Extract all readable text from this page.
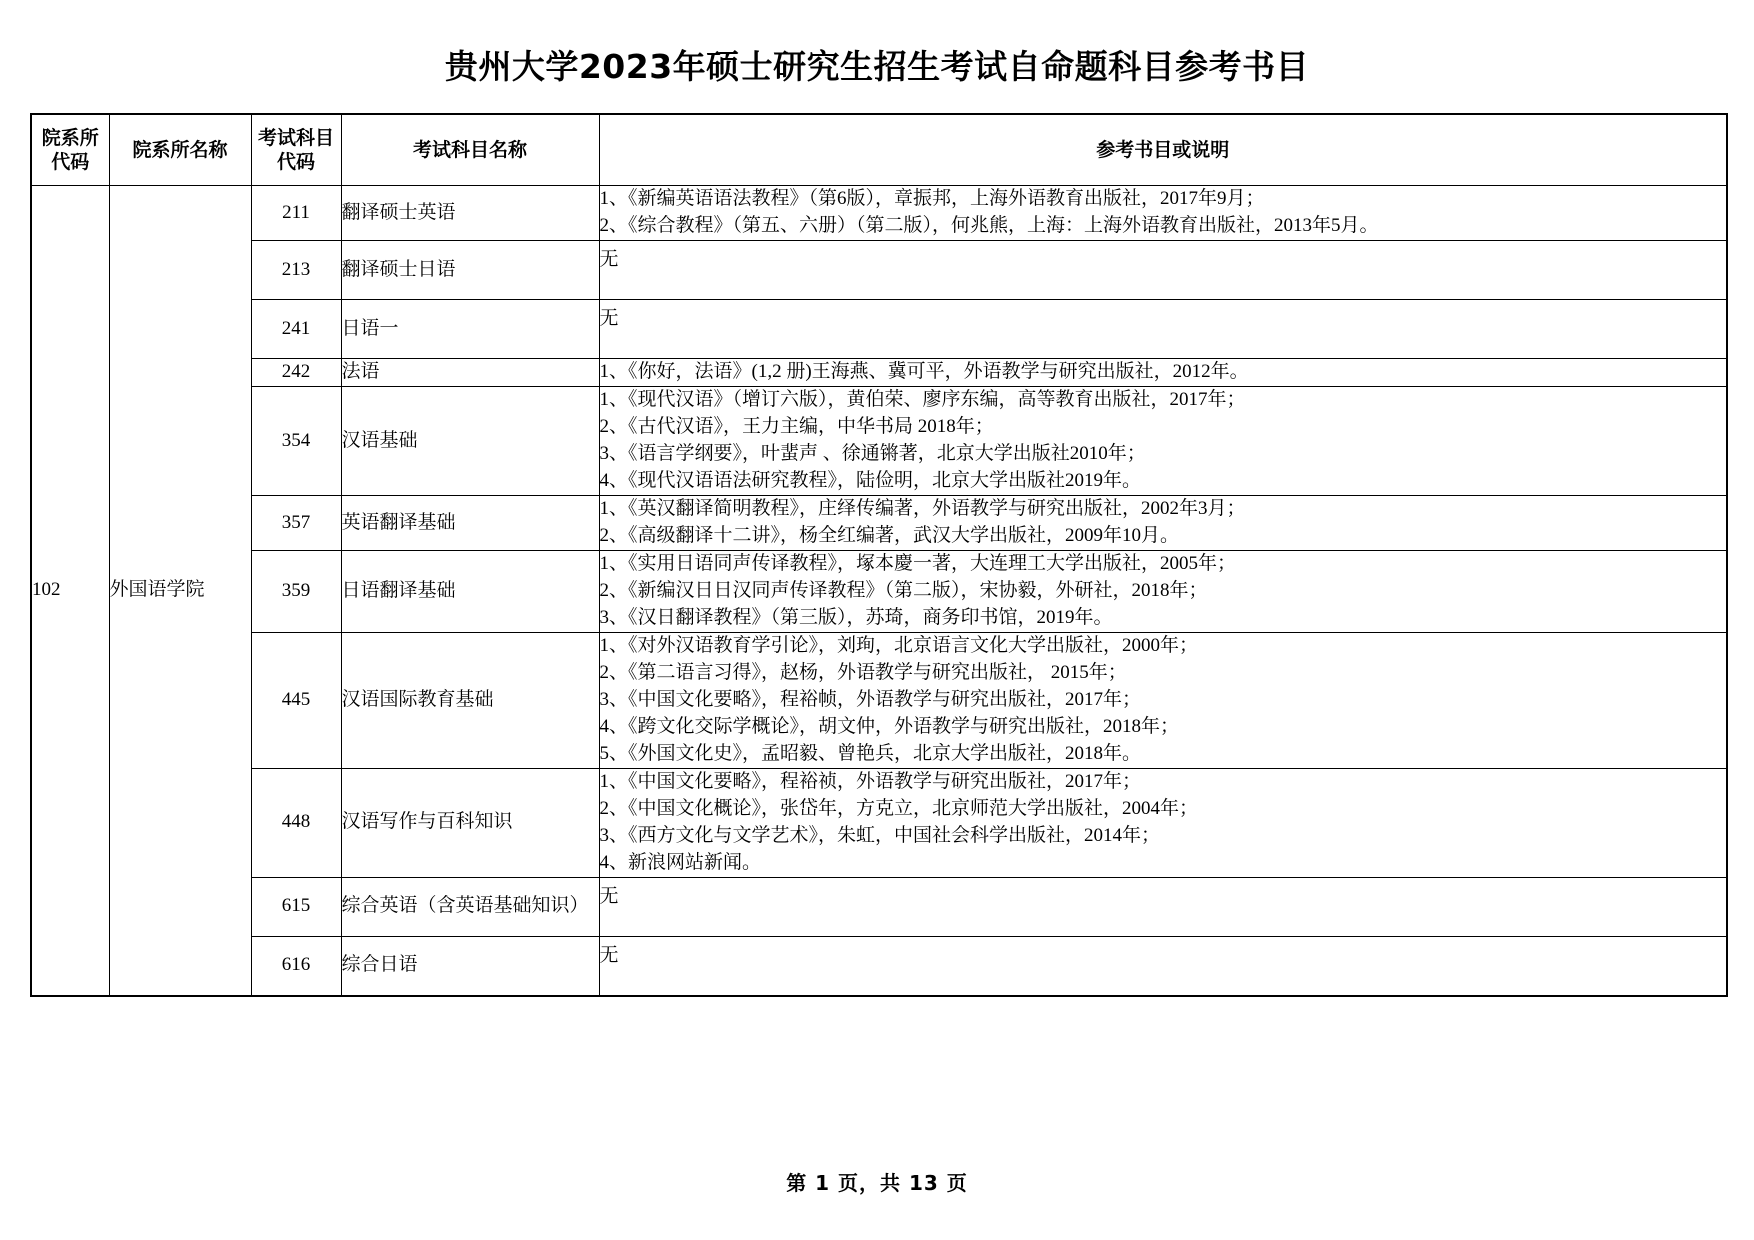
贵州大学2023年硕士研究生招生考试自命题科目参考书目
院系所代码	院系所名称	考试科目代码	考试科目名称	参考书目或说明
102	外国语学院	211	翻译硕士英语	1、《新编英语语法教程》（第6版），章振邦，上海外语教育出版社，2017年9月；
2、《综合教程》（第五、六册）（第二版），何兆熊，上海：上海外语教育出版社，2013年5月。

		213	翻译硕士日语	无

		241	日语一	无

		242	法语	1、《你好，法语》(1,2 册)王海燕、冀可平，外语教学与研究出版社，2012年。

		354	汉语基础	1、《现代汉语》（增订六版），黄伯荣、廖序东编，高等教育出版社，2017年；
2、《古代汉语》，王力主编，中华书局 2018年；
3、《语言学纲要》，叶蜚声 、徐通锵著，北京大学出版社2010年；
4、《现代汉语语法研究教程》，陆俭明，北京大学出版社2019年。

		357	英语翻译基础	1、《英汉翻译简明教程》，庄绎传编著，外语教学与研究出版社，2002年3月；
2、《高级翻译十二讲》，杨全红编著，武汉大学出版社，2009年10月。

		359	日语翻译基础	1、《实用日语同声传译教程》，塚本慶一著，大连理工大学出版社，2005年；
2、《新编汉日日汉同声传译教程》（第二版），宋协毅，外研社，2018年；
3、《汉日翻译教程》（第三版），苏琦，商务印书馆，2019年。

		445	汉语国际教育基础	1、《对外汉语教育学引论》，刘珣，北京语言文化大学出版社，2000年；
2、《第二语言习得》，赵杨，外语教学与研究出版社， 2015年；
3、《中国文化要略》，程裕帧，外语教学与研究出版社，2017年；
4、《跨文化交际学概论》，胡文仲，外语教学与研究出版社，2018年；
5、《外国文化史》，孟昭毅、曾艳兵，北京大学出版社，2018年。

		448	汉语写作与百科知识	1、《中国文化要略》，程裕祯，外语教学与研究出版社，2017年；
2、《中国文化概论》，张岱年，方克立，北京师范大学出版社，2004年；
3、《西方文化与文学艺术》，朱虹，中国社会科学出版社，2014年；
4、新浪网站新闻。

		615	综合英语（含英语基础知识）	无

		616	综合日语	无
第 1 页，共 13 页
